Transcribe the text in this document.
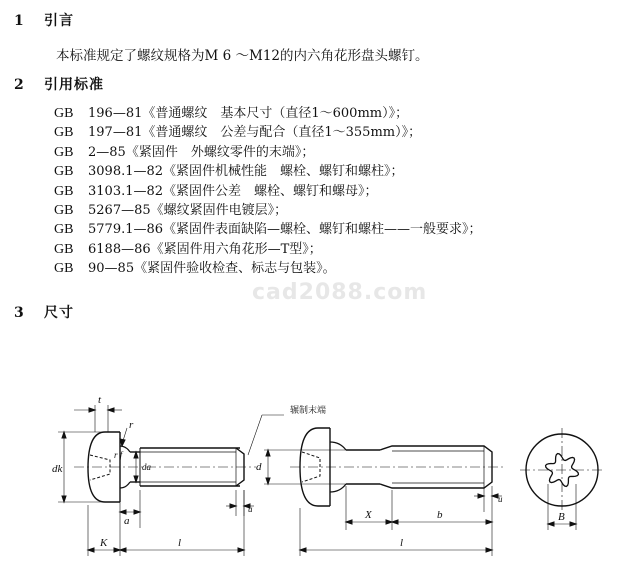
1 引言
本标准规定了螺纹规格为M 6 ～M12的内六角花形盘头螺钉。
2 引用标准
GB 196—81《普通螺纹　基本尺寸（直径1～600mm）》；
GB 197—81《普通螺纹　公差与配合（直径1～355mm）》；
GB 2—85《紧固件　外螺纹零件的末端》；
GB 3098.1—82《紧固件机械性能　螺栓、螺钉和螺柱》；
GB 3103.1—82《紧固件公差　螺栓、螺钉和螺母》；
GB 5267—85《螺纹紧固件电镀层》；
GB 5779.1—86《紧固件表面缺陷—螺栓、螺钉和螺柱——一般要求》；
GB 6188—86《紧固件用六角花形—T型》；
GB 90—85《紧固件验收检查、标志与包装》。
cad2088.com
3 尺寸
t
r
r f
dk	da
a
u
K	l
d
辗制末端
u
X	b
l
B
